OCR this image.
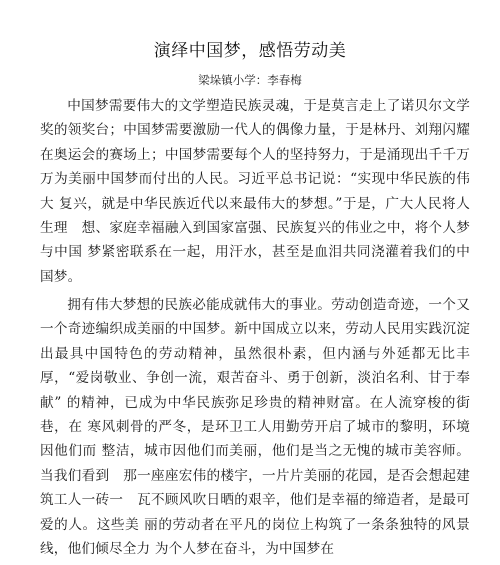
演绎中国梦，感悟劳动美

梁垛镇小学：李春梅

中国梦需要伟大的文学塑造民族灵魂，于是莫言走上了诺贝尔文学 奖的领奖台；中国梦需要激励一代人的偶像力量，于是林丹、刘翔闪耀　在奥运会的赛场上；中国梦需要每个人的坚持努力，于是涌现出千千万　万为美丽中国梦而付出的人民。习近平总书记说：“实现中华民族的伟大 复兴，就是中华民族近代以来最伟大的梦想。”于是，广大人民将人生理　想、家庭幸福融入到国家富强、民族复兴的伟业之中，将个人梦与中国 梦紧密联系在一起，用汗水，甚至是血泪共同浇灌着我们的中国梦。

拥有伟大梦想的民族必能成就伟大的事业。劳动创造奇迹，一个又 一个奇迹编织成美丽的中国梦。新中国成立以来，劳动人民用实践沉淀 出最具中国特色的劳动精神，虽然很朴素，但内涵与外延都无比丰厚，“爱岗敬业、争创一流，艰苦奋斗、勇于创新，淡泊名利、甘于奉献” 的精神，已成为中华民族弥足珍贵的精神财富。在人流穿梭的街巷，在 寒风刺骨的严冬，是环卫工人用勤劳开启了城市的黎明，环境因他们而 整洁，城市因他们而美丽，他们是当之无愧的城市美容师。当我们看到　那一座座宏伟的楼宇，一片片美丽的花园，是否会想起建筑工人一砖一　瓦不顾风吹日晒的艰辛，他们是幸福的缔造者，是最可爱的人。这些美 丽的劳动者在平凡的岗位上构筑了一条条独特的风景线，他们倾尽全力 为个人梦在奋斗，为中国梦在
